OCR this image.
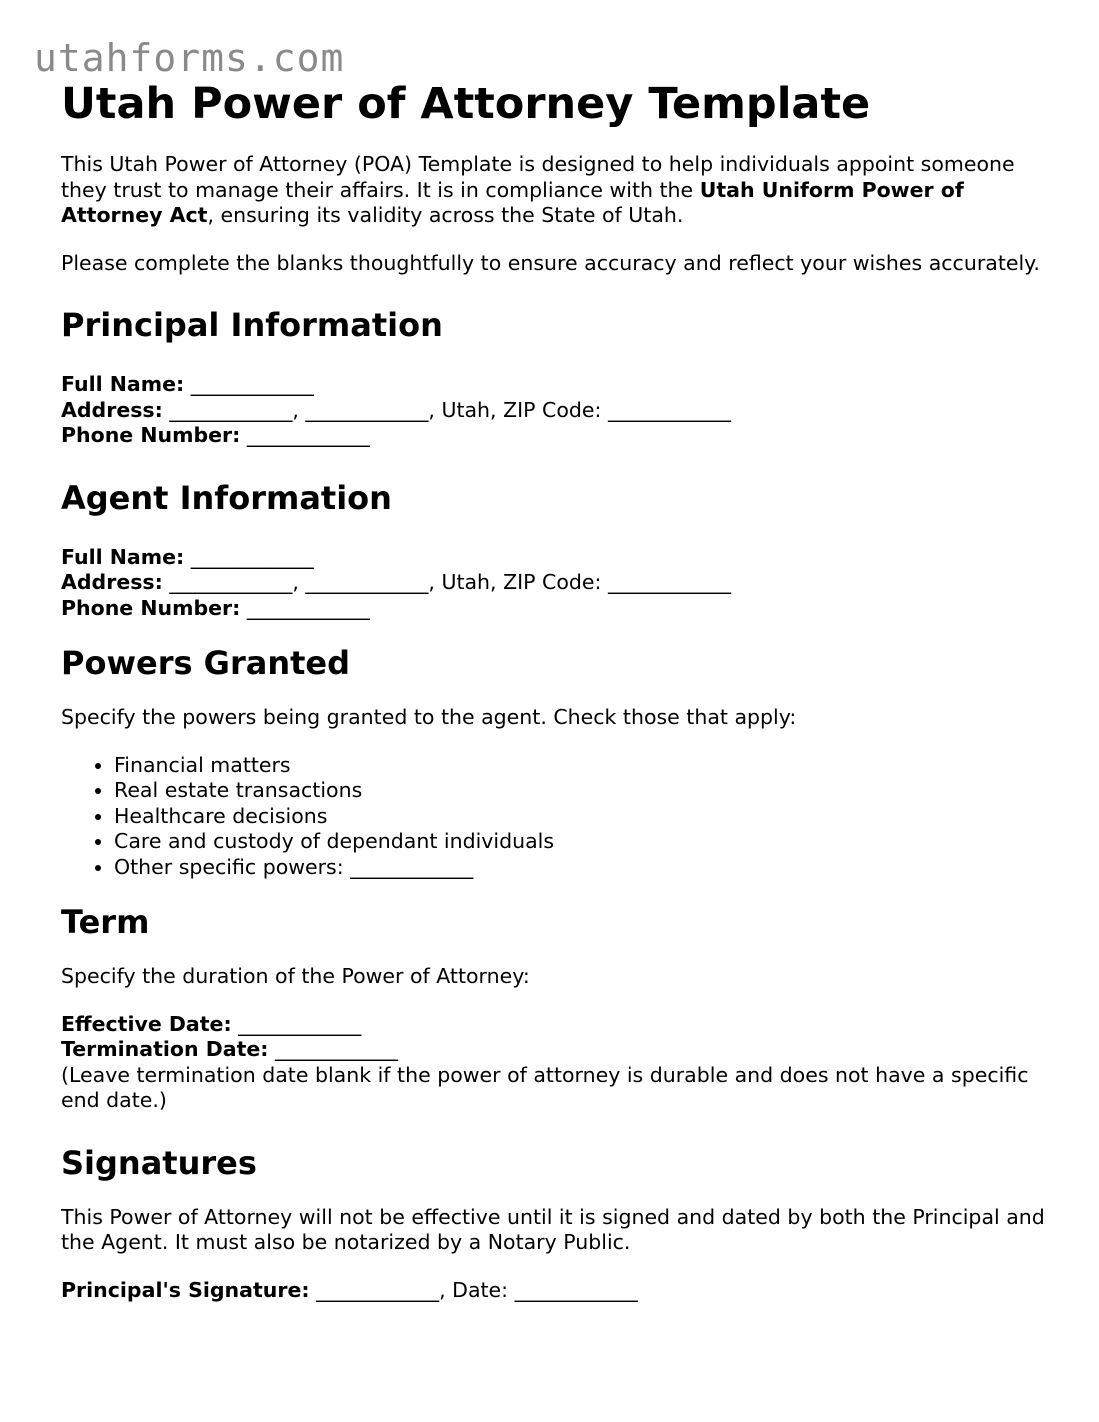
utahforms.com
Utah Power of Attorney Template

This Utah Power of Attorney (POA) Template is designed to help individuals appoint someone they trust to manage their affairs. It is in compliance with the Utah Uniform Power of Attorney Act, ensuring its validity across the State of Utah.

Please complete the blanks thoughtfully to ensure accuracy and reflect your wishes accurately.

Principal Information
Full Name: ____________
Address: ____________, ____________, Utah, ZIP Code: ____________
Phone Number: ____________
Agent Information
Full Name: ____________
Address: ____________, ____________, Utah, ZIP Code: ____________
Phone Number: ____________
Powers Granted

Specify the powers being granted to the agent. Check those that apply:

• Financial matters
• Real estate transactions
• Healthcare decisions
• Care and custody of dependant individuals
• Other specific powers: ____________
Term

Specify the duration of the Power of Attorney:

Effective Date: ____________
Termination Date: ____________

(Leave termination date blank if the power of attorney is durable and does not have a specific end date.)

Signatures

This Power of Attorney will not be effective until it is signed and dated by both the Principal and the Agent. It must also be notarized by a Notary Public.

Principal's Signature: ____________, Date: ____________
